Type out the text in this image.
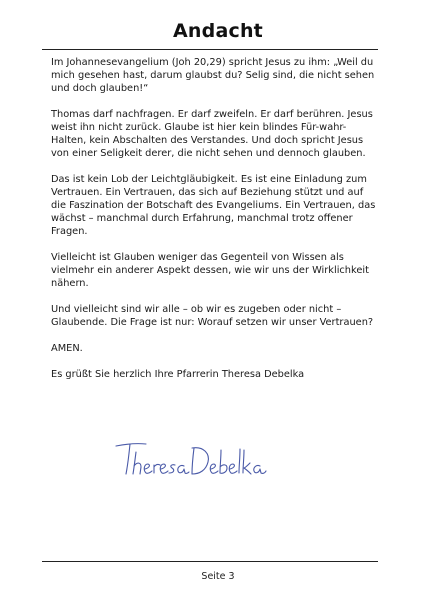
Andacht

Im Johannesevangelium (Joh 20,29) spricht Jesus zu ihm: „Weil du mich gesehen hast, darum glaubst du? Selig sind, die nicht sehen und doch glauben!“

Thomas darf nachfragen. Er darf zweifeln. Er darf berühren. Jesus weist ihn nicht zurück. Glaube ist hier kein blindes Für-wahr-Halten, kein Abschalten des Verstandes. Und doch spricht Jesus von einer Seligkeit derer, die nicht sehen und dennoch glauben.

Das ist kein Lob der Leichtgläubigkeit. Es ist eine Einladung zum Vertrauen. Ein Vertrauen, das sich auf Beziehung stützt und auf die Faszination der Botschaft des Evangeliums. Ein Vertrauen, das wächst – manchmal durch Erfahrung, manchmal trotz offener Fragen.

Vielleicht ist Glauben weniger das Gegenteil von Wissen als vielmehr ein anderer Aspekt dessen, wie wir uns der Wirklichkeit nähern.

Und vielleicht sind wir alle – ob wir es zugeben oder nicht – Glaubende. Die Frage ist nur: Worauf setzen wir unser Vertrauen?

AMEN.

Es grüßt Sie herzlich Ihre Pfarrerin Theresa Debelka

Seite 3
